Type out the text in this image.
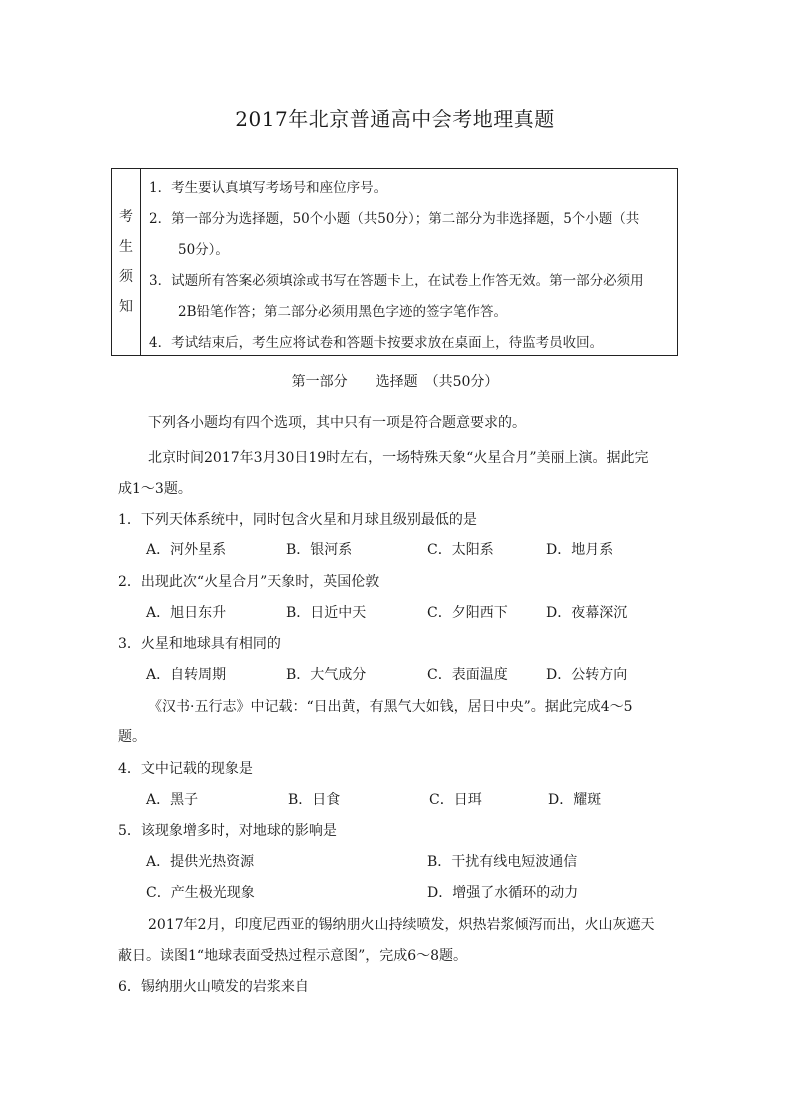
2017年北京普通高中会考地理真题
考
生
须
知
1．考生要认真填写考场号和座位序号。
2．第一部分为选择题，50个小题（共50分）；第二部分为非选择题，5个小题（共
50分）。
3．试题所有答案必须填涂或书写在答题卡上，在试卷上作答无效。第一部分必须用
2B铅笔作答；第二部分必须用黑色字迹的签字笔作答。
4．考试结束后，考生应将试卷和答题卡按要求放在桌面上，待监考员收回。
第一部分　　选择题　（共50分）
下列各小题均有四个选项，其中只有一项是符合题意要求的。
北京时间2017年3月30日19时左右，一场特殊天象“火星合月”美丽上演。据此完
成1～3题。
1．下列天体系统中，同时包含火星和月球且级别最低的是
A．河外星系	B．银河系	C．太阳系	D．地月系
2．出现此次“火星合月”天象时，英国伦敦
A．旭日东升	B．日近中天	C．夕阳西下	D．夜幕深沉
3．火星和地球具有相同的
A．自转周期	B．大气成分	C．表面温度	D．公转方向
《汉书·五行志》中记载：“日出黄，有黑气大如钱，居日中央”。据此完成4～5
题。
4．文中记载的现象是
A．黑子	B．日食	C．日珥	D．耀斑
5．该现象增多时，对地球的影响是
A．提供光热资源	B．干扰有线电短波通信
C．产生极光现象	D．增强了水循环的动力
2017年2月，印度尼西亚的锡纳朋火山持续喷发，炽热岩浆倾泻而出，火山灰遮天
蔽日。读图1“地球表面受热过程示意图”，完成6～8题。
6．锡纳朋火山喷发的岩浆来自
